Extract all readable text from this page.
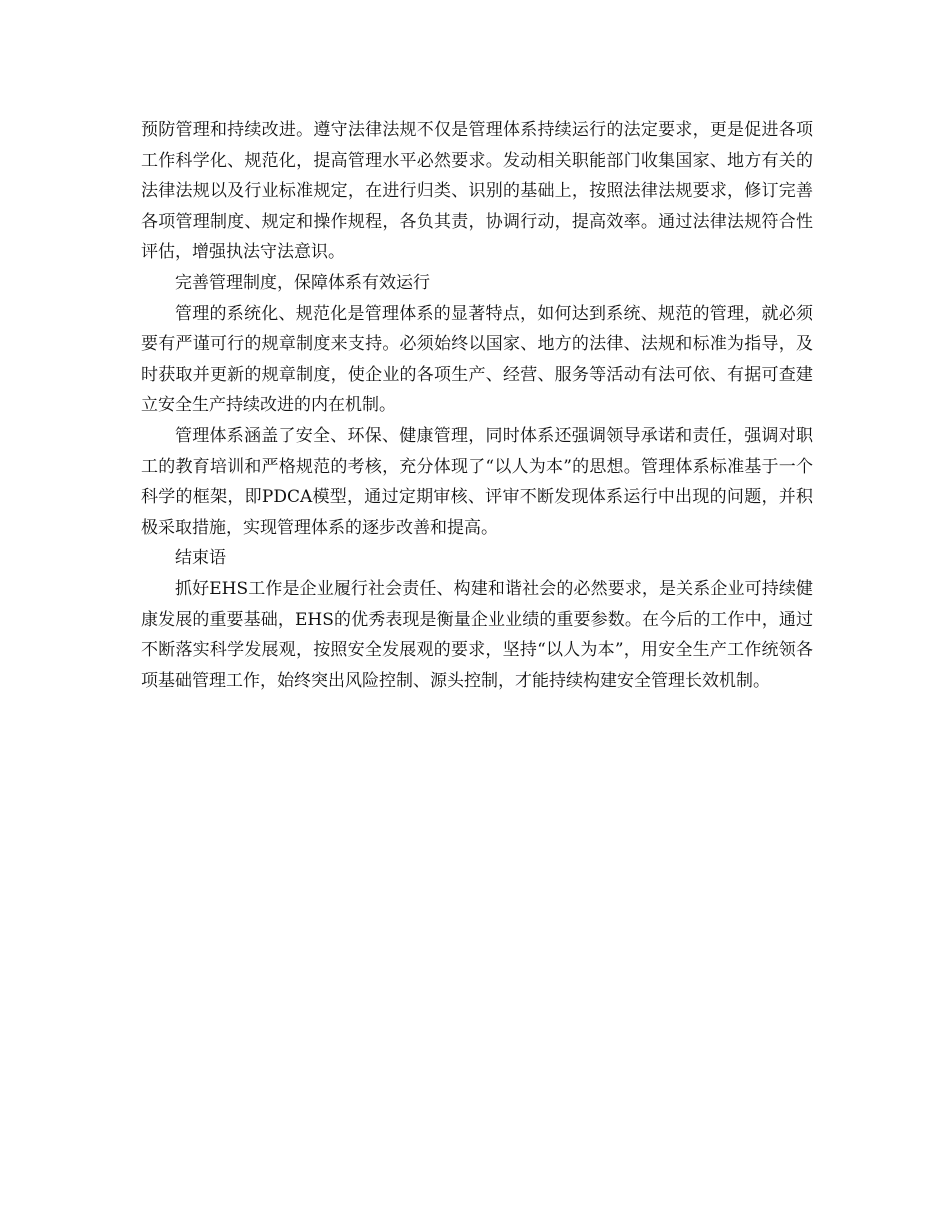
预防管理和持续改进。遵守法律法规不仅是管理体系持续运行的法定要求，更是促进各项工作科学化、规范化，提高管理水平必然要求。发动相关职能部门收集国家、地方有关的法律法规以及行业标准规定，在进行归类、识别的基础上，按照法律法规要求，修订完善各项管理制度、规定和操作规程，各负其责，协调行动，提高效率。通过法律法规符合性评估，增强执法守法意识。

完善管理制度，保障体系有效运行

管理的系统化、规范化是管理体系的显著特点，如何达到系统、规范的管理，就必须要有严谨可行的规章制度来支持。必须始终以国家、地方的法律、法规和标准为指导，及时获取并更新的规章制度，使企业的各项生产、经营、服务等活动有法可依、有据可查建立安全生产持续改进的内在机制。

管理体系涵盖了安全、环保、健康管理，同时体系还强调领导承诺和责任，强调对职工的教育培训和严格规范的考核，充分体现了“以人为本”的思想。管理体系标准基于一个科学的框架，即PDCA模型，通过定期审核、评审不断发现体系运行中出现的问题，并积极采取措施，实现管理体系的逐步改善和提高。

结束语

抓好EHS工作是企业履行社会责任、构建和谐社会的必然要求，是关系企业可持续健康发展的重要基础，EHS的优秀表现是衡量企业业绩的重要参数。在今后的工作中，通过不断落实科学发展观，按照安全发展观的要求，坚持“以人为本”，用安全生产工作统领各项基础管理工作，始终突出风险控制、源头控制，才能持续构建安全管理长效机制。
